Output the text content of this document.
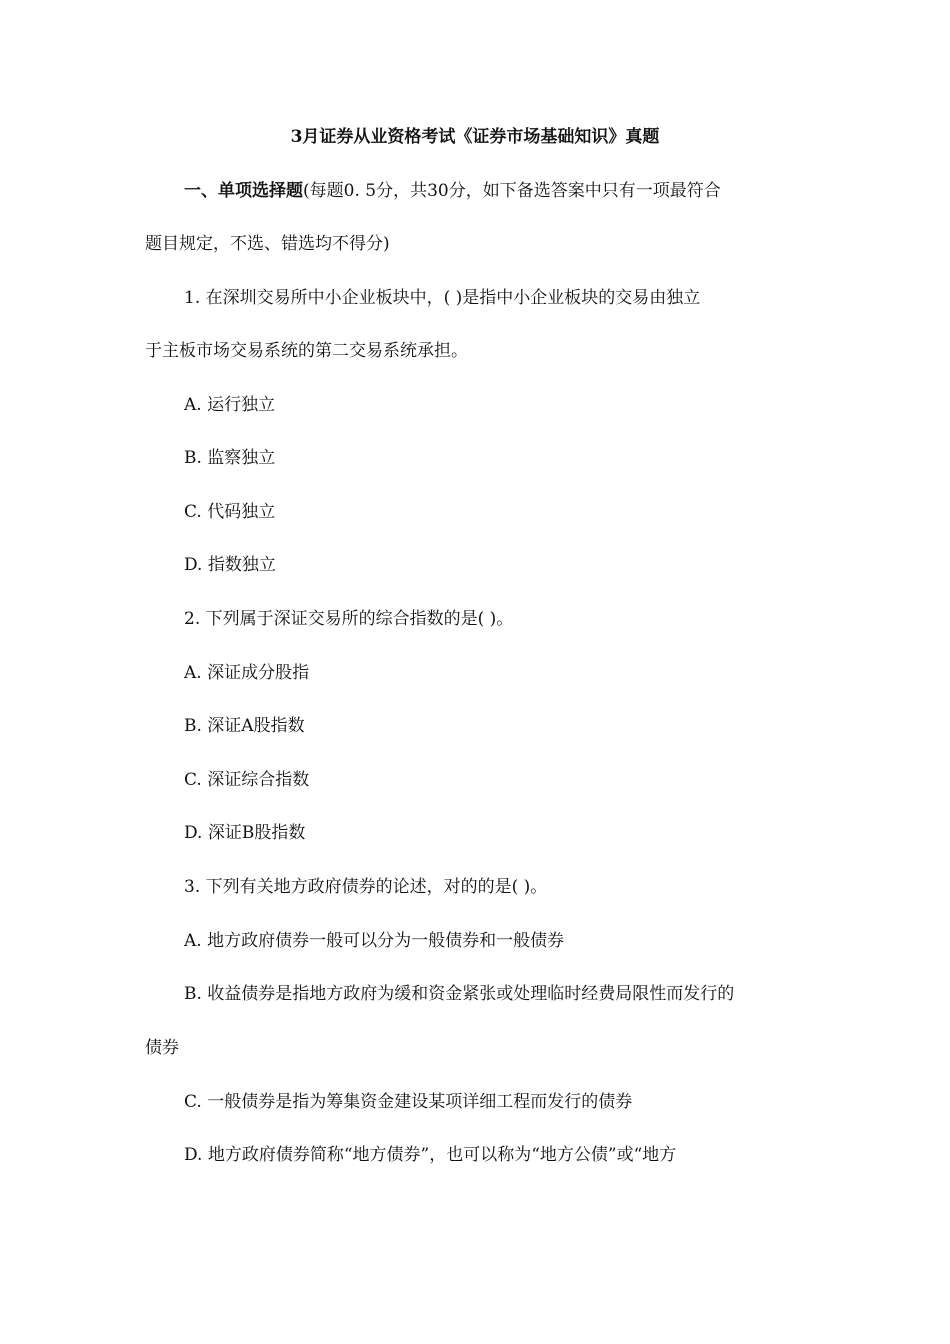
3月证券从业资格考试《证券市场基础知识》真题
一、单项选择题(每题0. 5分，共30分，如下备选答案中只有一项最符合
题目规定，不选、错选均不得分)
1. 在深圳交易所中小企业板块中，( )是指中小企业板块的交易由独立
于主板市场交易系统的第二交易系统承担。
A. 运行独立
B. 监察独立
C. 代码独立
D. 指数独立
2. 下列属于深证交易所的综合指数的是( )。
A. 深证成分股指
B. 深证A股指数
C. 深证综合指数
D. 深证B股指数
3. 下列有关地方政府债券的论述，对的的是( )。
A. 地方政府债券一般可以分为一般债券和一般债券
B. 收益债券是指地方政府为缓和资金紧张或处理临时经费局限性而发行的
债券
C. 一般债券是指为筹集资金建设某项详细工程而发行的债券
D. 地方政府债券简称“地方债券”，也可以称为“地方公债”或“地方
